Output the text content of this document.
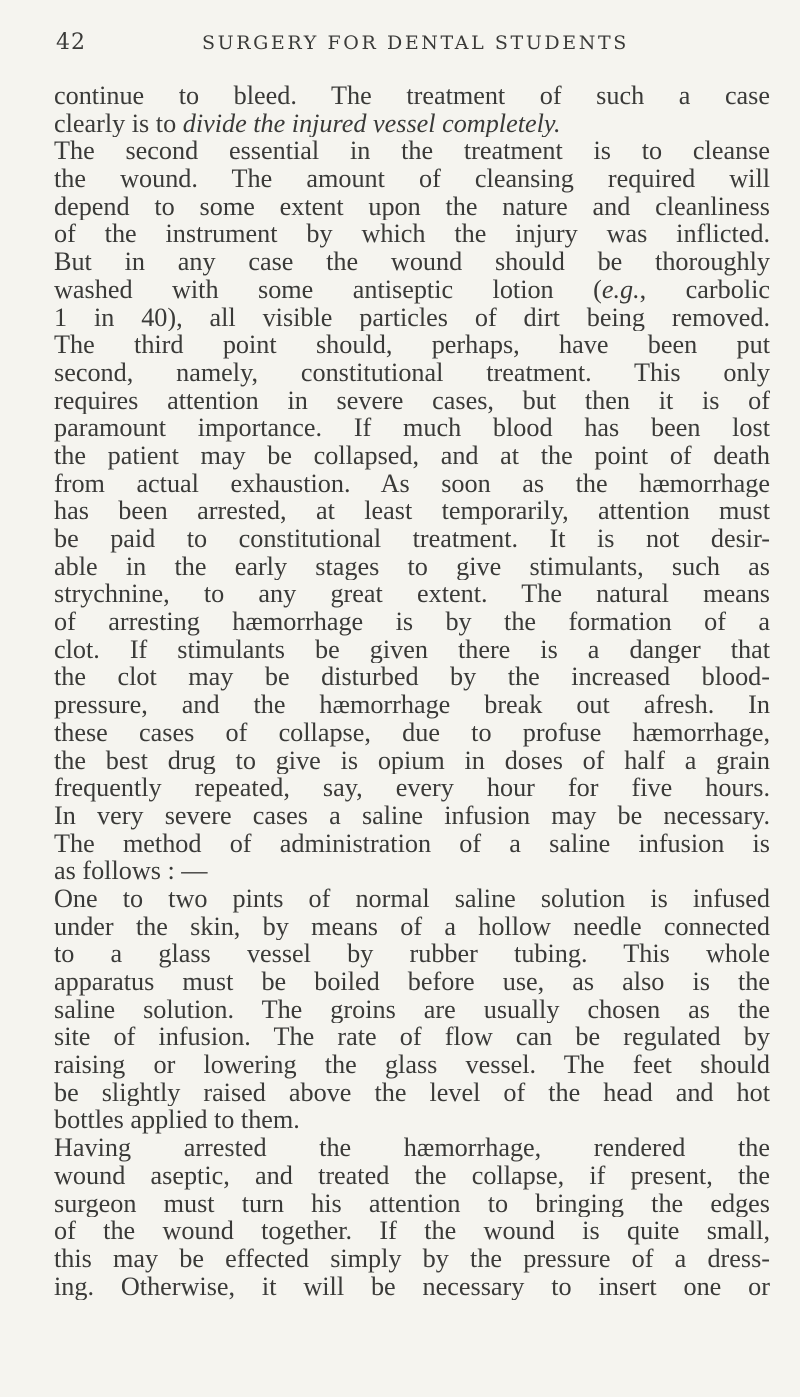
42	SURGERY FOR DENTAL STUDENTS
continue to bleed. The treatment of such a case
clearly is to divide the injured vessel completely.
The second essential in the treatment is to cleanse
the wound. The amount of cleansing required will
depend to some extent upon the nature and cleanliness
of the instrument by which the injury was inflicted.
But in any case the wound should be thoroughly
washed with some antiseptic lotion (e.g., carbolic
1 in 40), all visible particles of dirt being removed.
The third point should, perhaps, have been put
second, namely, constitutional treatment. This only
requires attention in severe cases, but then it is of
paramount importance. If much blood has been lost
the patient may be collapsed, and at the point of death
from actual exhaustion. As soon as the hæmorrhage
has been arrested, at least temporarily, attention must
be paid to constitutional treatment. It is not desir-
able in the early stages to give stimulants, such as
strychnine, to any great extent. The natural means
of arresting hæmorrhage is by the formation of a
clot. If stimulants be given there is a danger that
the clot may be disturbed by the increased blood-
pressure, and the hæmorrhage break out afresh. In
these cases of collapse, due to profuse hæmorrhage,
the best drug to give is opium in doses of half a grain
frequently repeated, say, every hour for five hours.
In very severe cases a saline infusion may be necessary.
The method of administration of a saline infusion is
as follows : —
One to two pints of normal saline solution is infused
under the skin, by means of a hollow needle connected
to a glass vessel by rubber tubing. This whole
apparatus must be boiled before use, as also is the
saline solution. The groins are usually chosen as the
site of infusion. The rate of flow can be regulated by
raising or lowering the glass vessel. The feet should
be slightly raised above the level of the head and hot
bottles applied to them.
Having arrested the hæmorrhage, rendered the
wound aseptic, and treated the collapse, if present, the
surgeon must turn his attention to bringing the edges
of the wound together. If the wound is quite small,
this may be effected simply by the pressure of a dress-
ing. Otherwise, it will be necessary to insert one or
